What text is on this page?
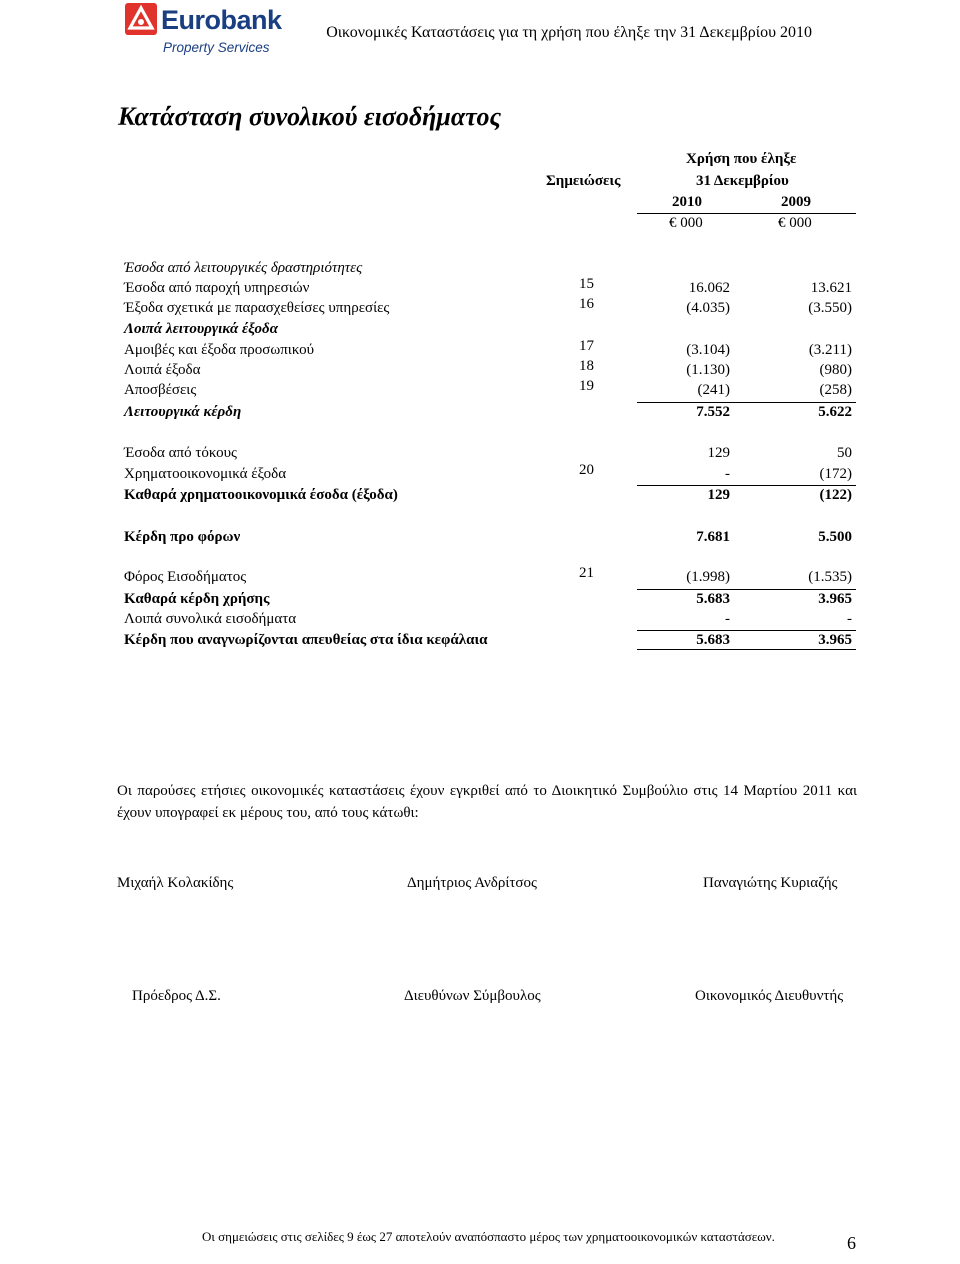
Eurobank
Property Services
Οικονομικές Καταστάσεις για τη χρήση που έληξε την 31 Δεκεμβρίου 2010
Κατάσταση συνολικού εισοδήματος
Σημειώσεις
Χρήση που έληξε
31 Δεκεμβρίου
2010	2009
€ 000	€ 000
Έσοδα από λειτουργικές δραστηριότητες
Έσοδα από παροχή υπηρεσιών	15	16.062	13.621
Έξοδα σχετικά με παρασχεθείσες υπηρεσίες	16	(4.035)	(3.550)
Λοιπά λειτουργικά έξοδα
Αμοιβές και έξοδα προσωπικού	17	(3.104)	(3.211)
Λοιπά έξοδα	18	(1.130)	(980)
Αποσβέσεις	19	(241)	(258)
Λειτουργικά κέρδη	7.552	5.622
Έσοδα από τόκους	129	50
Χρηματοοικονομικά έξοδα	20	-	(172)
Καθαρά χρηματοοικονομικά έσοδα (έξοδα)	129	(122)
Κέρδη προ φόρων	7.681	5.500
Φόρος Εισοδήματος	21	(1.998)	(1.535)
Καθαρά κέρδη χρήσης	5.683	3.965
Λοιπά συνολικά εισοδήματα	-	-
Κέρδη που αναγνωρίζονται απευθείας στα ίδια κεφάλαια	5.683	3.965
Οι παρούσες ετήσιες οικονομικές καταστάσεις έχουν εγκριθεί από το Διοικητικό Συμβούλιο στις 14 Μαρτίου 2011 και έχουν υπογραφεί εκ μέρους του, από τους κάτωθι:
Μιχαήλ Κολακίδης	Δημήτριος Ανδρίτσος	Παναγιώτης Κυριαζής
Πρόεδρος Δ.Σ.	Διευθύνων Σύμβουλος	Οικονομικός Διευθυντής
Οι σημειώσεις στις σελίδες 9 έως 27 αποτελούν αναπόσπαστο μέρος των χρηματοοικονομικών καταστάσεων.	6
